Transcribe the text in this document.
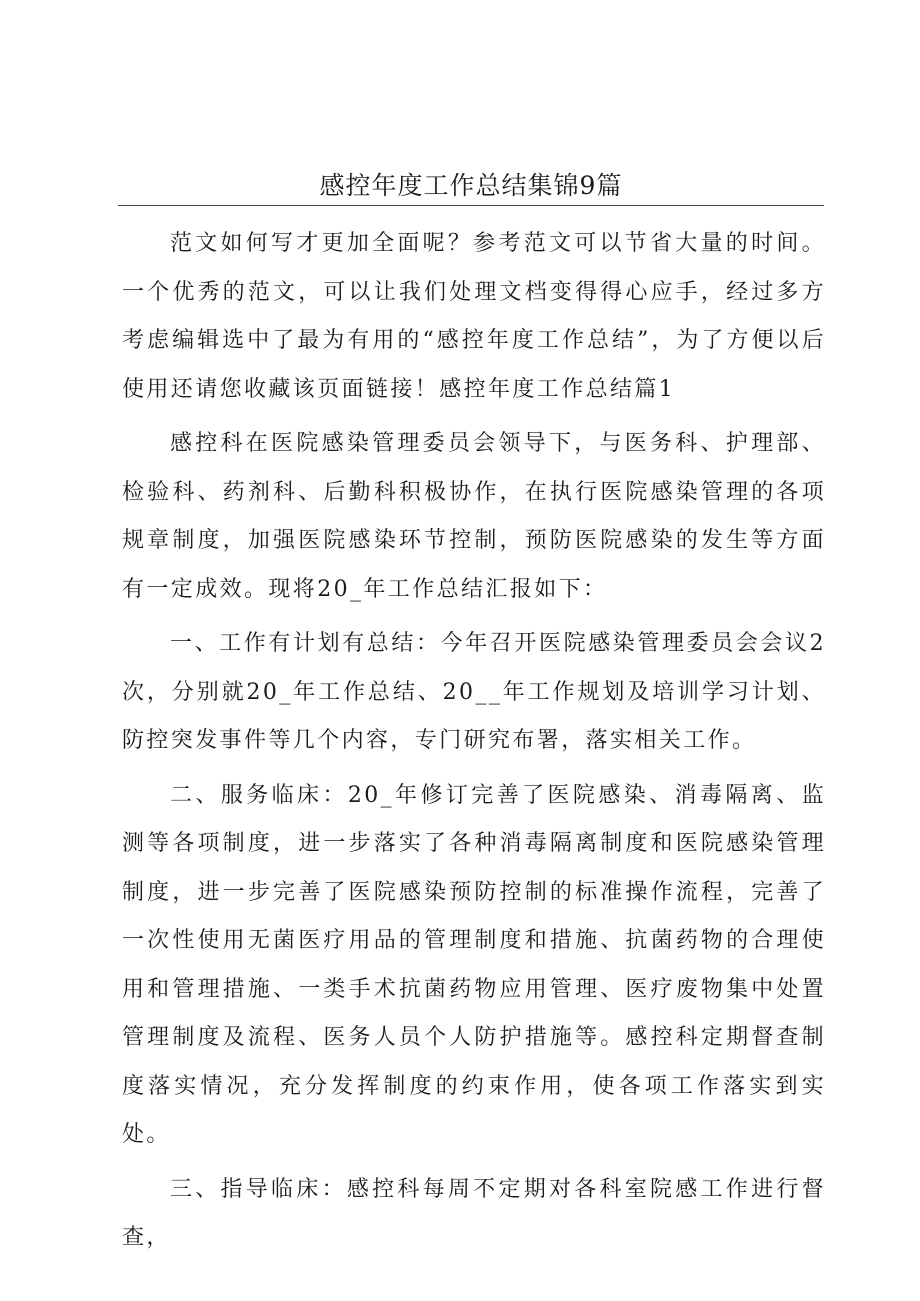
感控年度工作总结集锦9篇

范文如何写才更加全面呢？参考范文可以节省大量的时间。一个优秀的范文，可以让我们处理文档变得得心应手，经过多方考虑编辑选中了最为有用的“感控年度工作总结”，为了方便以后使用还请您收藏该页面链接！感控年度工作总结篇1

感控科在医院感染管理委员会领导下，与医务科、护理部、检验科、药剂科、后勤科积极协作，在执行医院感染管理的各项规章制度，加强医院感染环节控制，预防医院感染的发生等方面有一定成效。现将20_年工作总结汇报如下：

一、工作有计划有总结：今年召开医院感染管理委员会会议2次，分别就20_年工作总结、20__年工作规划及培训学习计划、防控突发事件等几个内容，专门研究布署，落实相关工作。

二、服务临床：20_年修订完善了医院感染、消毒隔离、监测等各项制度，进一步落实了各种消毒隔离制度和医院感染管理制度，进一步完善了医院感染预防控制的标准操作流程，完善了一次性使用无菌医疗用品的管理制度和措施、抗菌药物的合理使用和管理措施、一类手术抗菌药物应用管理、医疗废物集中处置管理制度及流程、医务人员个人防护措施等。感控科定期督查制度落实情况，充分发挥制度的约束作用，使各项工作落实到实处。

三、指导临床：感控科每周不定期对各科室院感工作进行督查，
